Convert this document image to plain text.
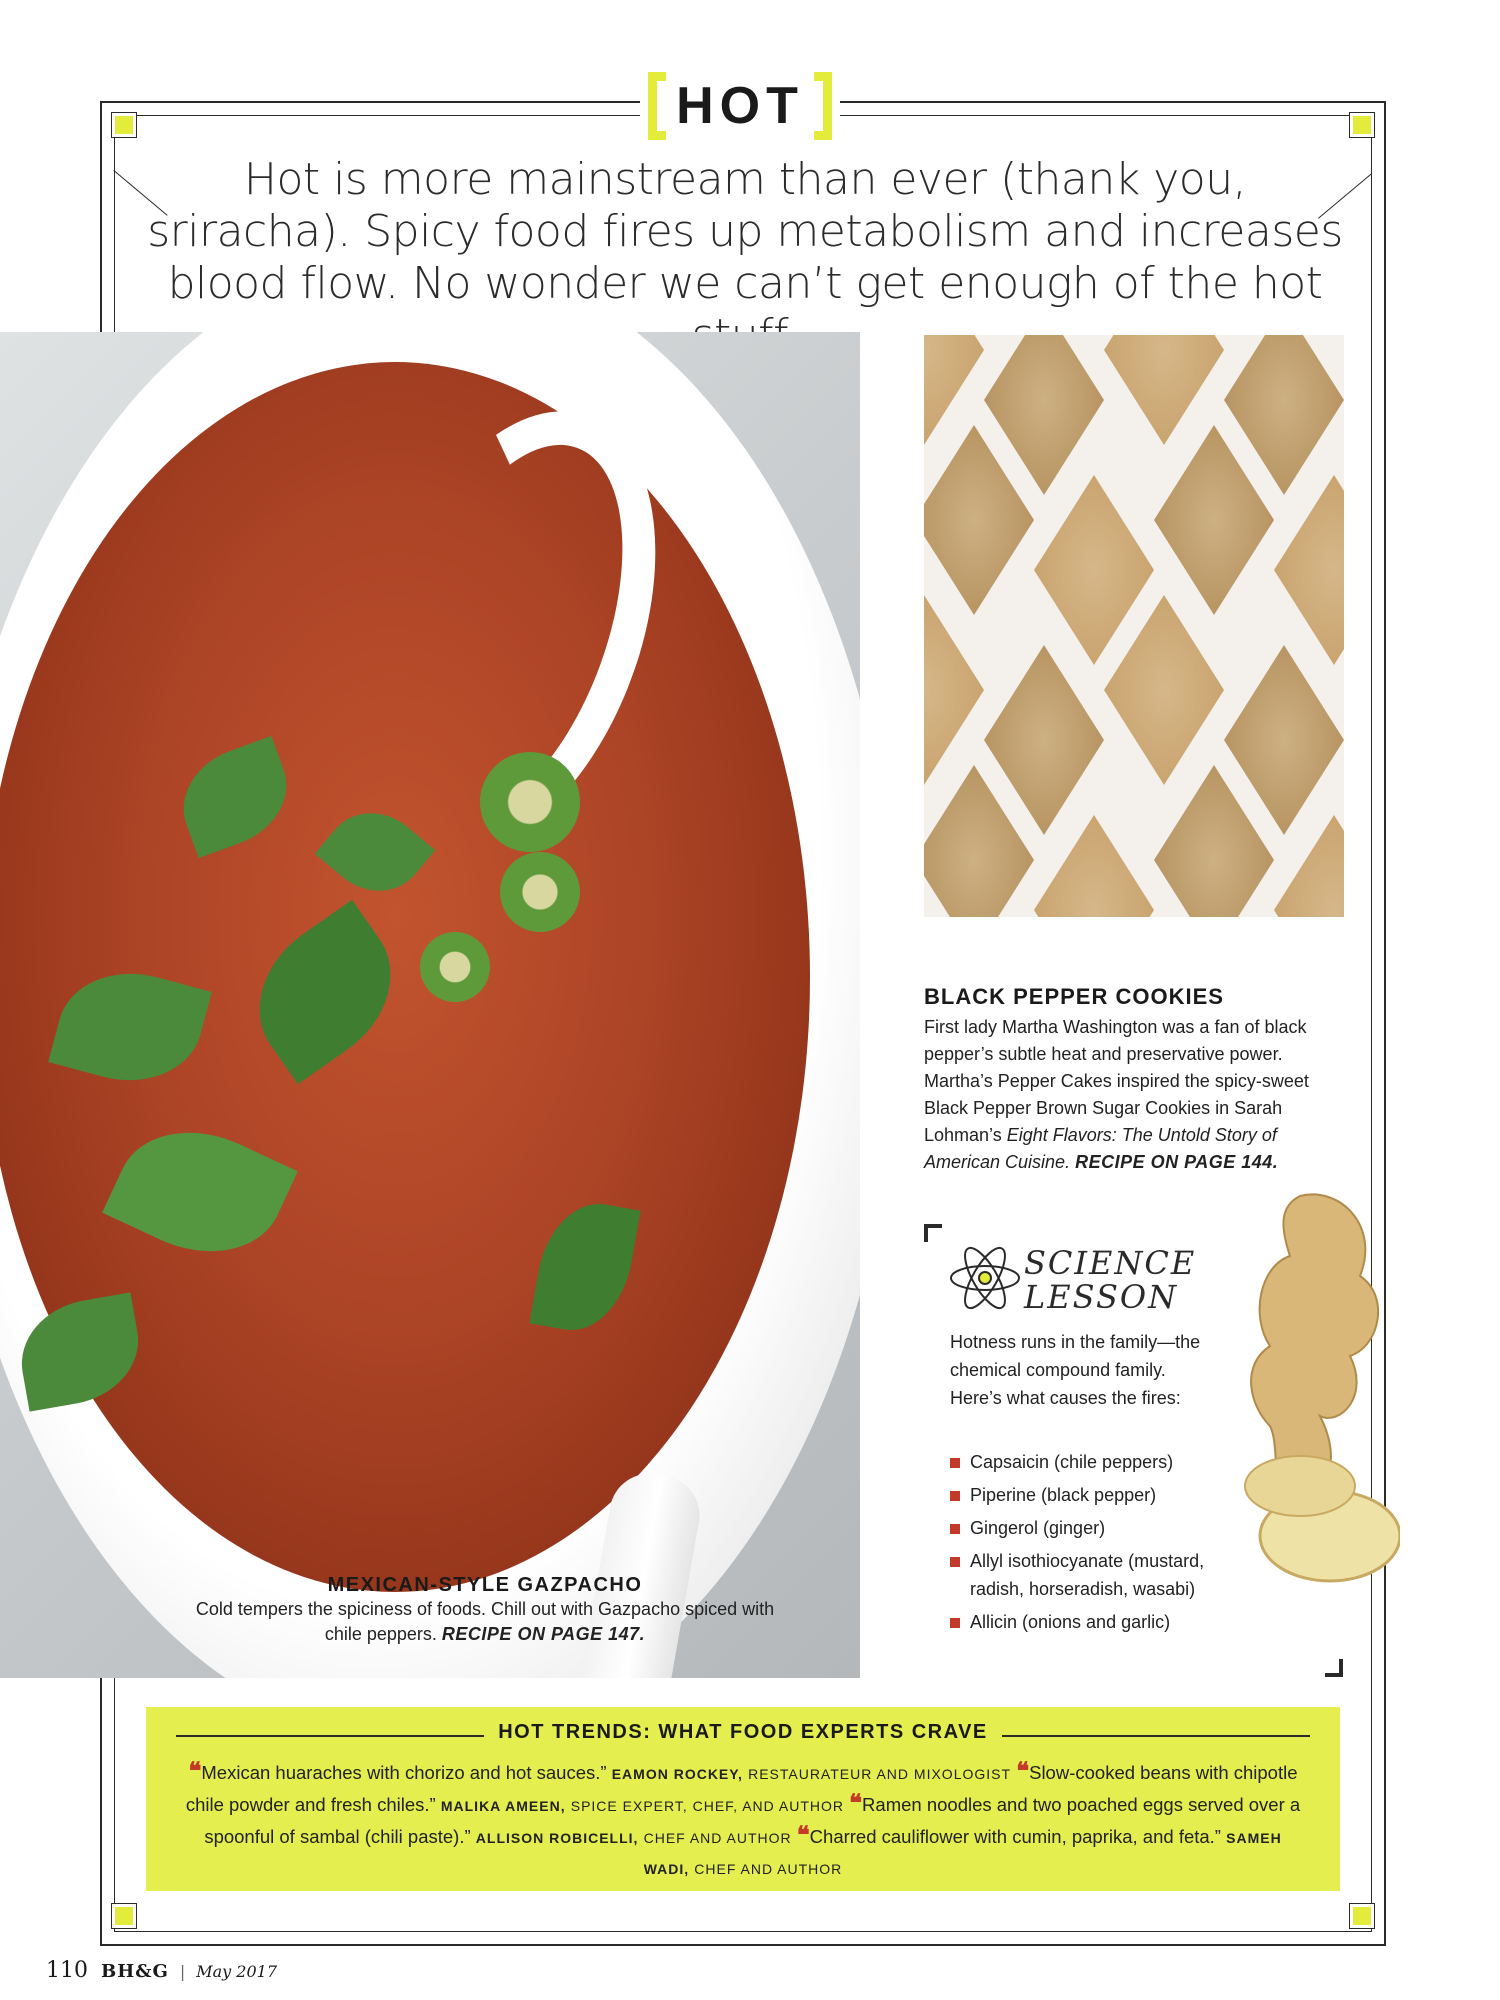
HOT

Hot is more mainstream than ever (thank you, sriracha). Spicy food fires up metabolism and increases blood flow. No wonder we can’t get enough of the hot

MEXICAN-STYLE GAZPACHO
Cold tempers the spiciness of foods. Chill out with Gazpacho spiced with chile peppers. RECIPE ON PAGE 147.
BLACK PEPPER COOKIES
First lady Martha Washington was a fan of black pepper’s subtle heat and preservative power. Martha’s Pepper Cakes inspired the spicy-sweet Black Pepper Brown Sugar Cookies in Sarah Lohman’s Eight Flavors: The Untold Story of American Cuisine. RECIPE ON PAGE 144.
SCIENCE
LESSON

Hotness runs in the family—the chemical compound family. Here’s what causes the fires:

Capsaicin (chile peppers)
Piperine (black pepper)
Gingerol (ginger)
Allyl isothiocyanate (mustard, radish, horseradish, wasabi)
Allicin (onions and garlic)
HOT TRENDS: WHAT FOOD EXPERTS CRAVE
❝Mexican huaraches with chorizo and hot sauces.” EAMON ROCKEY, RESTAURATEUR AND MIXOLOGIST ❝Slow-cooked beans with chipotle chile powder and fresh chiles.” MALIKA AMEEN, SPICE EXPERT, CHEF, AND AUTHOR ❝Ramen noodles and two poached eggs served over a spoonful of sambal (chili paste).” ALLISON ROBICELLI, CHEF AND AUTHOR ❝Charred cauliflower with cumin, paprika, and feta.” SAMEH WADI, CHEF AND AUTHOR
110 BH&G | May 2017
